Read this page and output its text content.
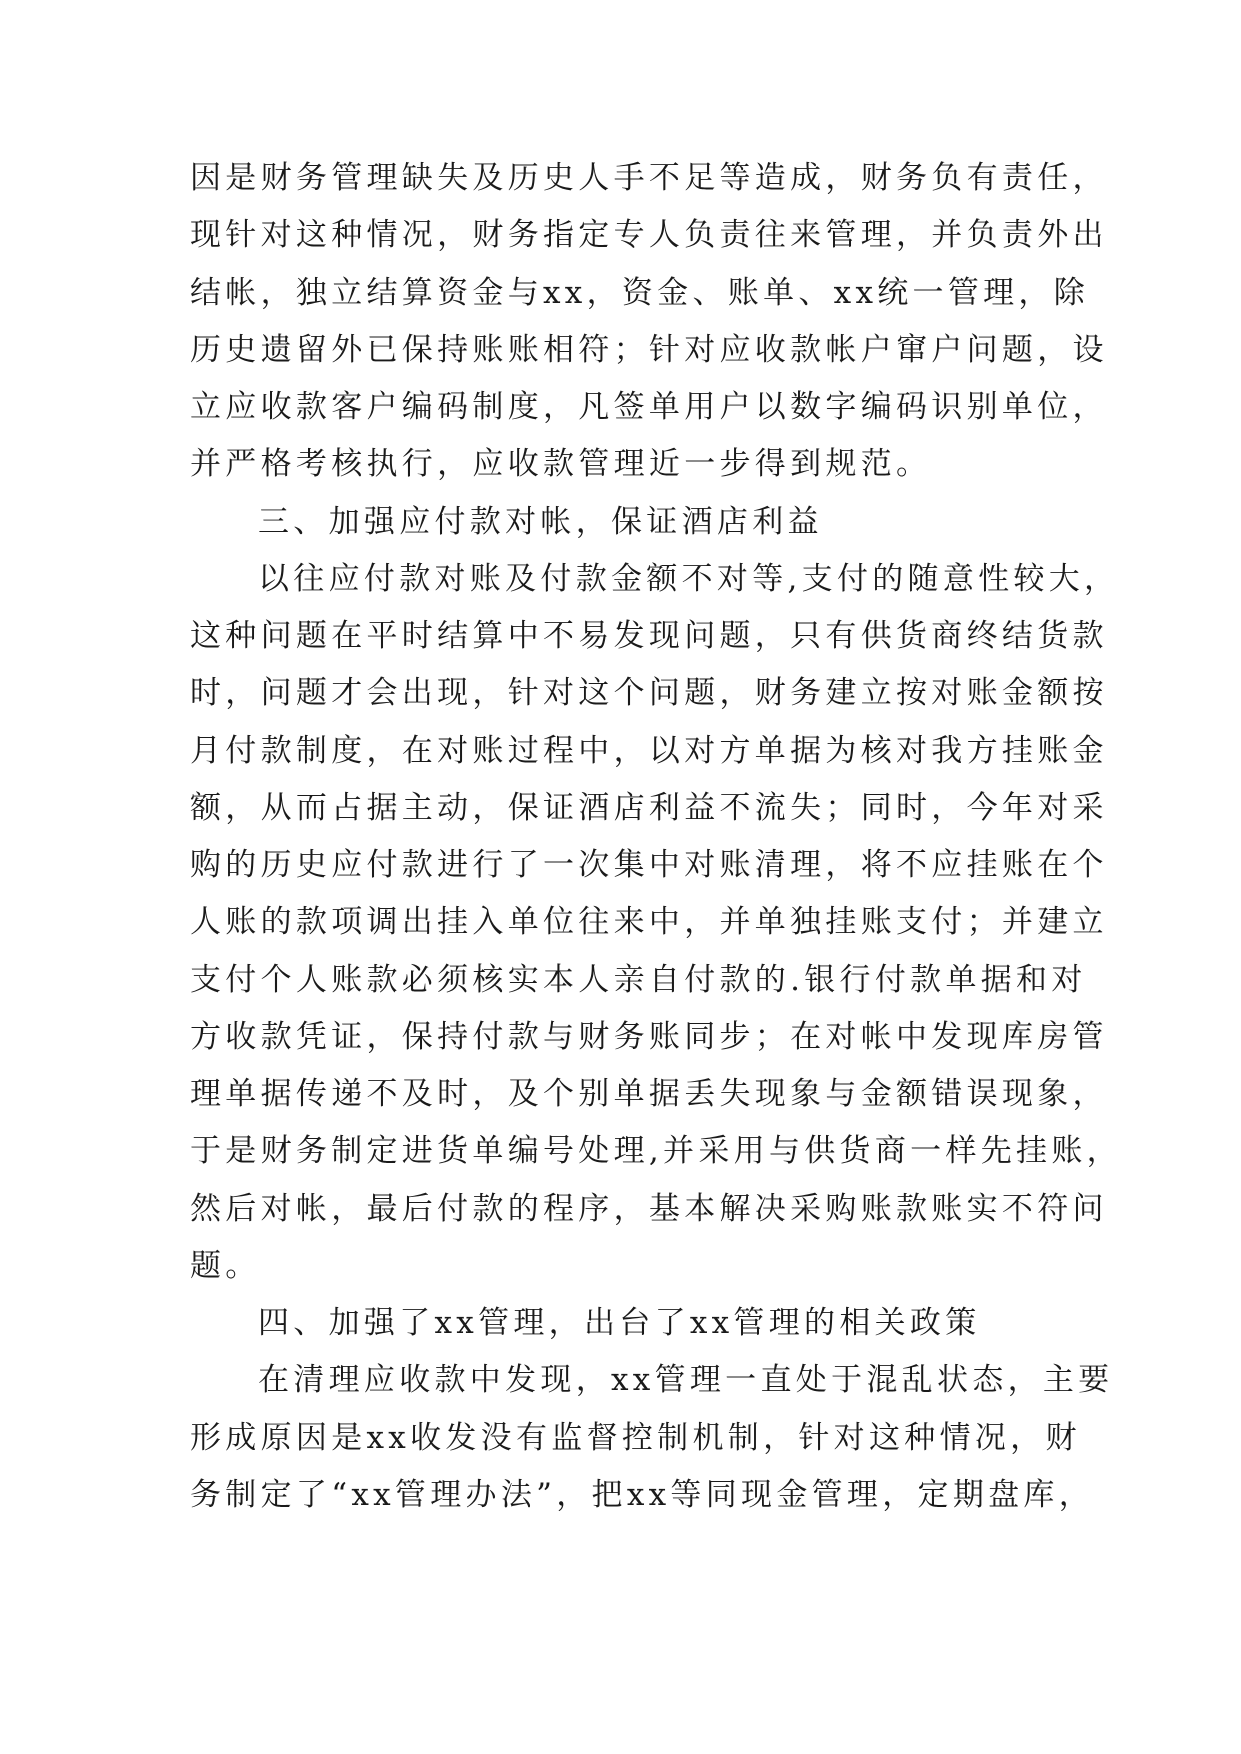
因是财务管理缺失及历史人手不足等造成，财务负有责任，
现针对这种情况，财务指定专人负责往来管理，并负责外出
结帐，独立结算资金与xx，资金、账单、xx统一管理，除
历史遗留外已保持账账相符；针对应收款帐户窜户问题，设
立应收款客户编码制度，凡签单用户以数字编码识别单位，
并严格考核执行，应收款管理近一步得到规范。
三、加强应付款对帐，保证酒店利益
以往应付款对账及付款金额不对等,支付的随意性较大，
这种问题在平时结算中不易发现问题，只有供货商终结货款
时，问题才会出现，针对这个问题，财务建立按对账金额按
月付款制度，在对账过程中，以对方单据为核对我方挂账金
额，从而占据主动，保证酒店利益不流失；同时，今年对采
购的历史应付款进行了一次集中对账清理，将不应挂账在个
人账的款项调出挂入单位往来中，并单独挂账支付；并建立
支付个人账款必须核实本人亲自付款的.银行付款单据和对
方收款凭证，保持付款与财务账同步；在对帐中发现库房管
理单据传递不及时，及个别单据丢失现象与金额错误现象，
于是财务制定进货单编号处理,并采用与供货商一样先挂账，
然后对帐，最后付款的程序，基本解决采购账款账实不符问
题。
四、加强了xx管理，出台了xx管理的相关政策
在清理应收款中发现，xx管理一直处于混乱状态，主要
形成原因是xx收发没有监督控制机制，针对这种情况，财
务制定了“xx管理办法”，把xx等同现金管理，定期盘库，
